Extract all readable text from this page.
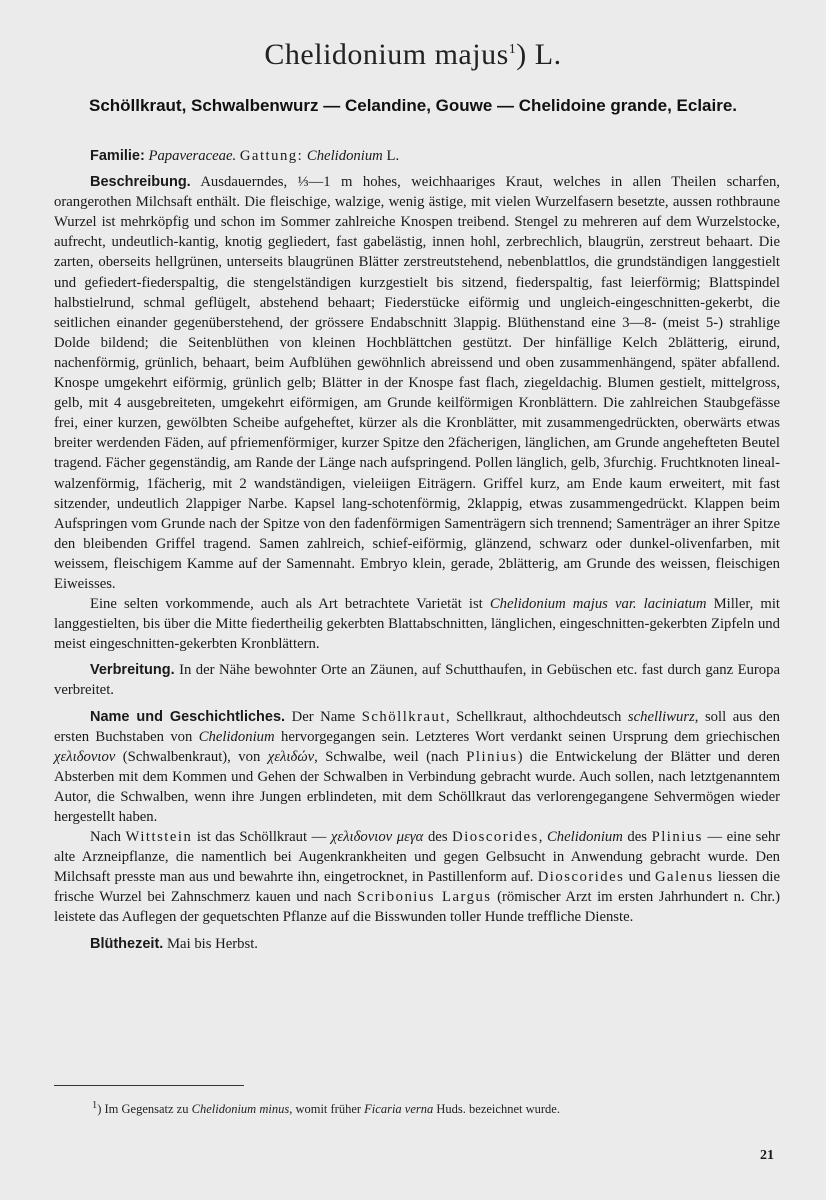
Chelidonium majus$^1$) L.
Schöllkraut, Schwalbenwurz — Celandine, Gouwe — Chelidoine grande, Eclaire.

Familie: Papaveraceae. Gattung: Chelidonium L.

Beschreibung. Ausdauerndes, ⅓—1 m hohes, weichhaariges Kraut, welches in allen Theilen scharfen, orangerothen Milchsaft enthält. Die fleischige, walzige, wenig ästige, mit vielen Wurzelfasern besetzte, aussen rothbraune Wurzel ist mehrköpfig und schon im Sommer zahlreiche Knospen treibend. Stengel zu mehreren auf dem Wurzelstocke, aufrecht, undeutlich-kantig, knotig gegliedert, fast gabelästig, innen hohl, zerbrechlich, blaugrün, zerstreut behaart. Die zarten, oberseits hellgrünen, unterseits blaugrünen Blätter zerstreutstehend, nebenblattlos, die grundständigen langgestielt und gefiedert-fiederspaltig, die stengelständigen kurzgestielt bis sitzend, fiederspaltig, fast leierförmig; Blattspindel halbstielrund, schmal geflügelt, abstehend behaart; Fiederstücke eiförmig und ungleich-eingeschnitten-gekerbt, die seitlichen einander gegenüberstehend, der grössere Endabschnitt 3lappig. Blüthenstand eine 3—8- (meist 5-) strahlige Dolde bildend; die Seitenblüthen von kleinen Hochblättchen gestützt. Der hinfällige Kelch 2blätterig, eirund, nachenförmig, grünlich, behaart, beim Aufblühen gewöhnlich abreissend und oben zusammenhängend, später abfallend. Knospe umgekehrt eiförmig, grünlich gelb; Blätter in der Knospe fast flach, ziegeldachig. Blumen gestielt, mittelgross, gelb, mit 4 ausgebreiteten, umgekehrt eiförmigen, am Grunde keilförmigen Kronblättern. Die zahlreichen Staubgefässe frei, einer kurzen, gewölbten Scheibe aufgeheftet, kürzer als die Kronblätter, mit zusammengedrückten, oberwärts etwas breiter werdenden Fäden, auf pfriemenförmiger, kurzer Spitze den 2fächerigen, länglichen, am Grunde angehefteten Beutel tragend. Fächer gegenständig, am Rande der Länge nach aufspringend. Pollen länglich, gelb, 3furchig. Fruchtknoten lineal-walzenförmig, 1fächerig, mit 2 wandständigen, vieleiigen Eiträgern. Griffel kurz, am Ende kaum erweitert, mit fast sitzender, undeutlich 2lappiger Narbe. Kapsel lang-schotenförmig, 2klappig, etwas zusammengedrückt. Klappen beim Aufspringen vom Grunde nach der Spitze von den fadenförmigen Samenträgern sich trennend; Samenträger an ihrer Spitze den bleibenden Griffel tragend. Samen zahlreich, schief-eiförmig, glänzend, schwarz oder dunkel-olivenfarben, mit weissem, fleischigem Kamme auf der Samennaht. Embryo klein, gerade, 2blätterig, am Grunde des weissen, fleischigen Eiweisses.

Eine selten vorkommende, auch als Art betrachtete Varietät ist Chelidonium majus var. laciniatum Miller, mit langgestielten, bis über die Mitte fiedertheilig gekerbten Blattabschnitten, länglichen, eingeschnitten-gekerbten Zipfeln und meist eingeschnitten-gekerbten Kronblättern.

Verbreitung. In der Nähe bewohnter Orte an Zäunen, auf Schutthaufen, in Gebüschen etc. fast durch ganz Europa verbreitet.

Name und Geschichtliches. Der Name Schöllkraut, Schellkraut, althochdeutsch schelliwurz, soll aus den ersten Buchstaben von Chelidonium hervorgegangen sein. Letzteres Wort verdankt seinen Ursprung dem griechischen χελιδονιον (Schwalbenkraut), von χελιδών, Schwalbe, weil (nach Plinius) die Entwickelung der Blätter und deren Absterben mit dem Kommen und Gehen der Schwalben in Verbindung gebracht wurde. Auch sollen, nach letztgenanntem Autor, die Schwalben, wenn ihre Jungen erblindeten, mit dem Schöllkraut das verlorengegangene Sehvermögen wieder hergestellt haben.

Nach Wittstein ist das Schöllkraut — χελιδονιον μεγα des Dioscorides, Chelidonium des Plinius — eine sehr alte Arzneipflanze, die namentlich bei Augenkrankheiten und gegen Gelbsucht in Anwendung gebracht wurde. Den Milchsaft presste man aus und bewahrte ihn, eingetrocknet, in Pastillenform auf. Dioscorides und Galenus liessen die frische Wurzel bei Zahnschmerz kauen und nach Scribonius Largus (römischer Arzt im ersten Jahrhundert n. Chr.) leistete das Auflegen der gequetschten Pflanze auf die Bisswunden toller Hunde treffliche Dienste.

Blüthezeit. Mai bis Herbst.

$^1$) Im Gegensatz zu Chelidonium minus, womit früher Ficaria verna Huds. bezeichnet wurde.
21
